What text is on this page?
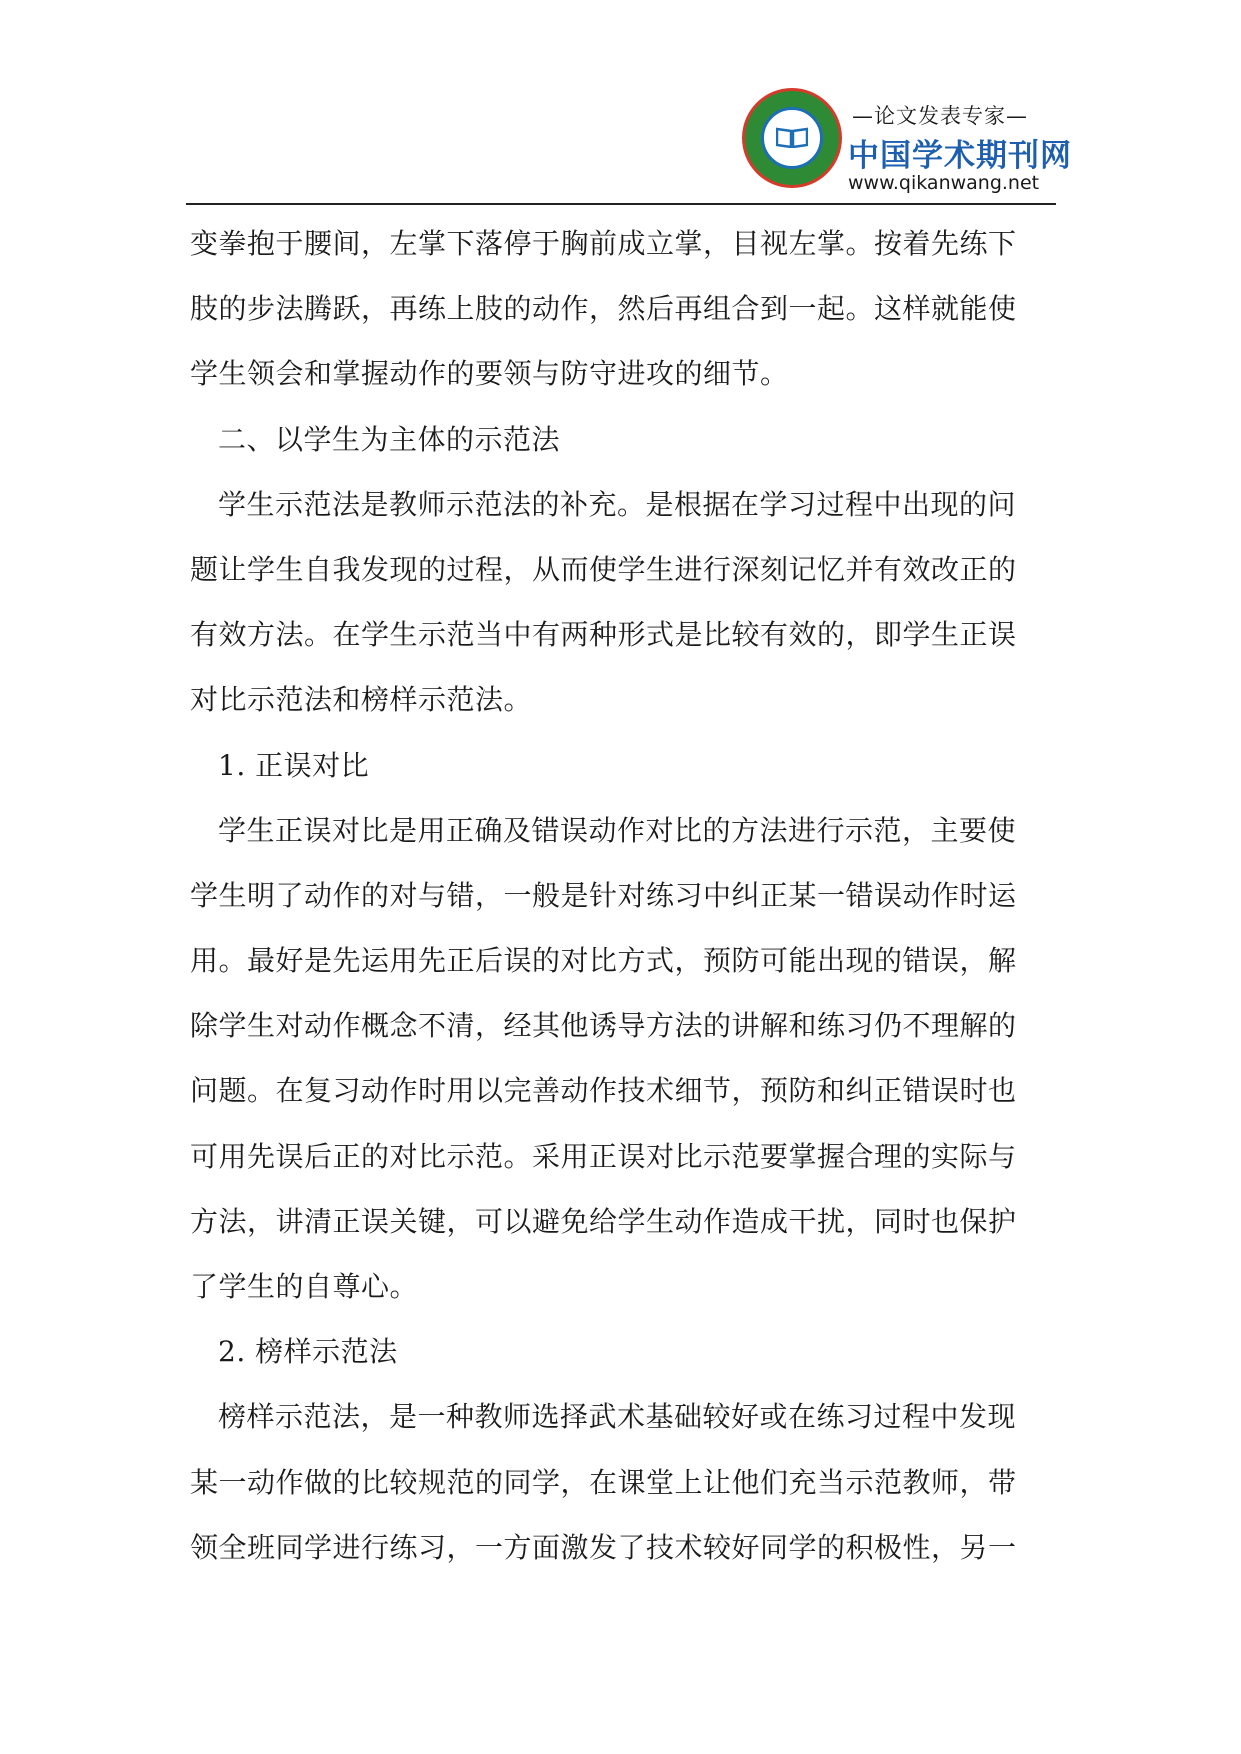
—论文发表专家—
中国学术期刊网
www.qikanwang.net
变拳抱于腰间，左掌下落停于胸前成立掌，目视左掌。按着先练下
肢的步法腾跃，再练上肢的动作，然后再组合到一起。这样就能使
学生领会和掌握动作的要领与防守进攻的细节。
二、以学生为主体的示范法
学生示范法是教师示范法的补充。是根据在学习过程中出现的问
题让学生自我发现的过程，从而使学生进行深刻记忆并有效改正的
有效方法。在学生示范当中有两种形式是比较有效的，即学生正误
对比示范法和榜样示范法。
1. 正误对比
学生正误对比是用正确及错误动作对比的方法进行示范，主要使
学生明了动作的对与错，一般是针对练习中纠正某一错误动作时运
用。最好是先运用先正后误的对比方式，预防可能出现的错误，解
除学生对动作概念不清，经其他诱导方法的讲解和练习仍不理解的
问题。在复习动作时用以完善动作技术细节，预防和纠正错误时也
可用先误后正的对比示范。采用正误对比示范要掌握合理的实际与
方法，讲清正误关键，可以避免给学生动作造成干扰，同时也保护
了学生的自尊心。
2. 榜样示范法
榜样示范法，是一种教师选择武术基础较好或在练习过程中发现
某一动作做的比较规范的同学，在课堂上让他们充当示范教师，带
领全班同学进行练习，一方面激发了技术较好同学的积极性，另一
